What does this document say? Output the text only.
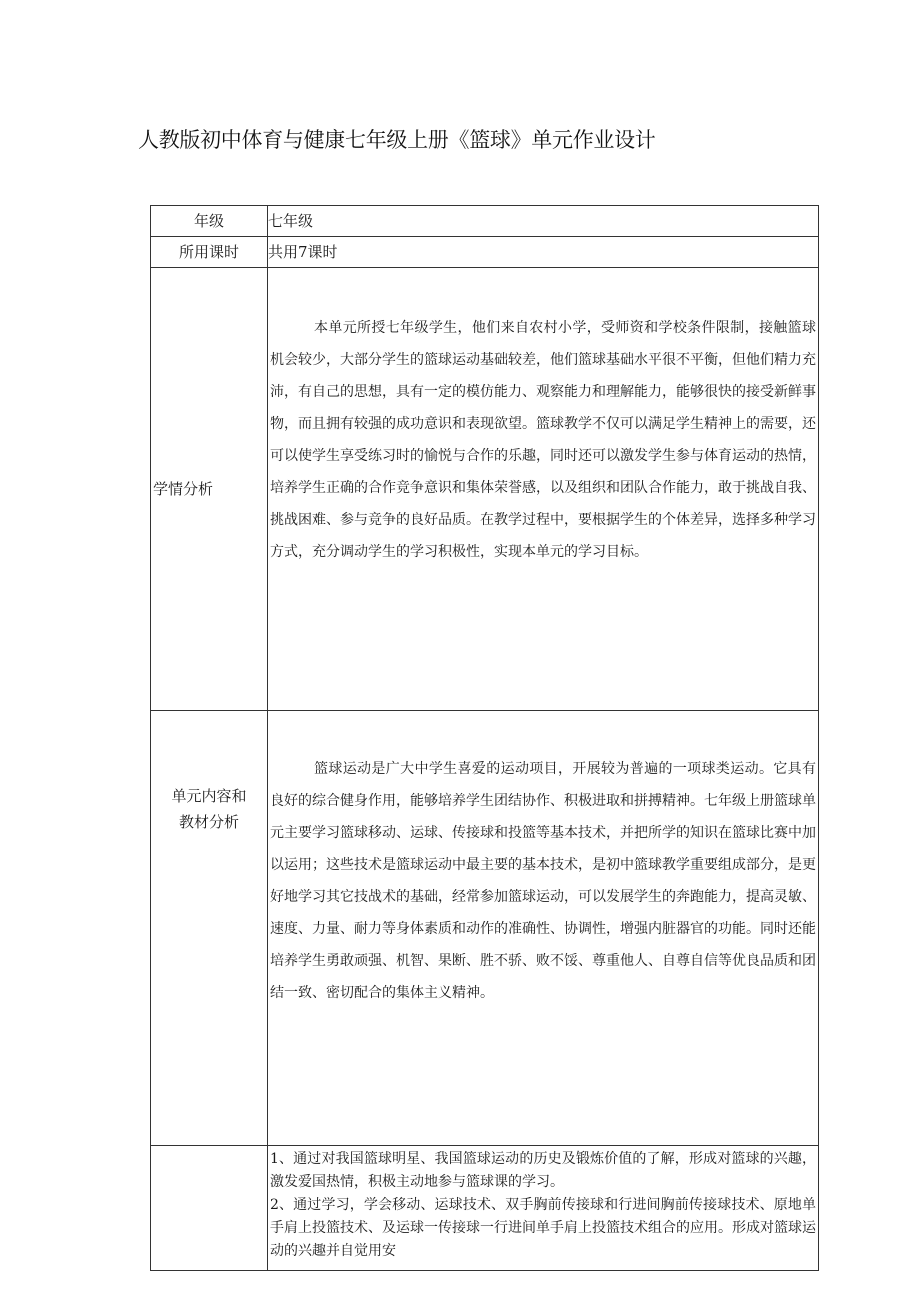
人教版初中体育与健康七年级上册《篮球》单元作业设计
年级	七年级
所用课时	共用7课时
学情分析	本单元所授七年级学生，他们来自农村小学，受师资和学校条件限制，接触篮球机会较少，大部分学生的篮球运动基础较差，他们篮球基础水平很不平衡，但他们精力充沛，有自己的思想，具有一定的模仿能力、观察能力和理解能力，能够很快的接受新鲜事物，而且拥有较强的成功意识和表现欲望。篮球教学不仅可以满足学生精神上的需要，还可以使学生享受练习时的愉悦与合作的乐趣，同时还可以激发学生参与体育运动的热情，培养学生正确的合作竞争意识和集体荣誉感，以及组织和团队合作能力，敢于挑战自我、挑战困难、参与竞争的良好品质。在教学过程中，要根据学生的个体差异，选择多种学习方式，充分调动学生的学习积极性，实现本单元的学习目标。

单元内容和
教材分析	篮球运动是广大中学生喜爱的运动项目，开展较为普遍的一项球类运动。它具有良好的综合健身作用，能够培养学生团结协作、积极进取和拼搏精神。七年级上册篮球单元主要学习篮球移动、运球、传接球和投篮等基本技术，并把所学的知识在篮球比赛中加以运用；这些技术是篮球运动中最主要的基本技术，是初中篮球教学重要组成部分，是更好地学习其它技战术的基础，经常参加篮球运动，可以发展学生的奔跑能力，提高灵敏、速度、力量、耐力等身体素质和动作的准确性、协调性，增强内脏器官的功能。同时还能培养学生勇敢顽强、机智、果断、胜不骄、败不馁、尊重他人、自尊自信等优良品质和团结一致、密切配合的集体主义精神。

	1、通过对我国篮球明星、我国篮球运动的历史及锻炼价值的了解，形成对篮球的兴趣，激发爱国热情，积极主动地参与篮球课的学习。

2、通过学习，学会移动、运球技术、双手胸前传接球和行进间胸前传接球技术、原地单手肩上投篮技术、及运球一传接球一行进间单手肩上投篮技术组合的应用。形成对篮球运动的兴趣并自觉用安
